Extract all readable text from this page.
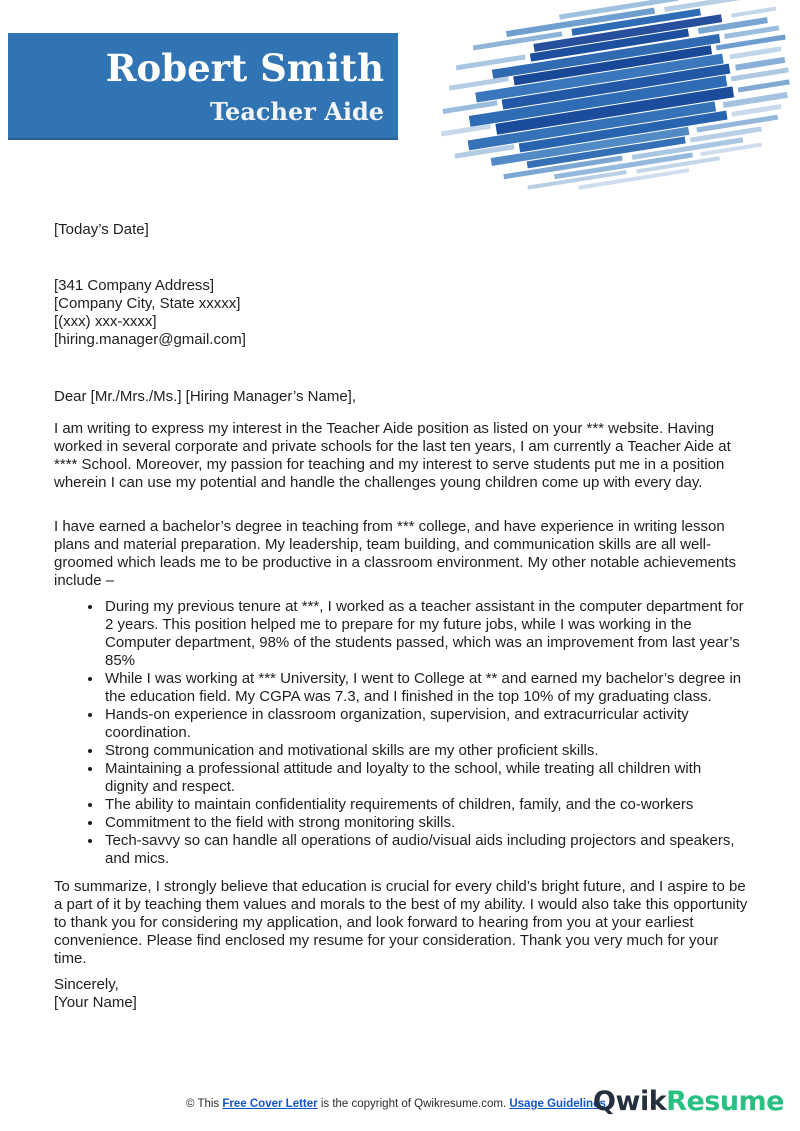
Robert Smith
Teacher Aide
[Today’s Date]
[341 Company Address]
[Company City, State xxxxx]
[(xxx) xxx-xxxx]
[hiring.manager@gmail.com]
Dear [Mr./Mrs./Ms.] [Hiring Manager’s Name],
I am writing to express my interest in the Teacher Aide position as listed on your *** website. Having worked in several corporate and private schools for the last ten years, I am currently a Teacher Aide at **** School. Moreover, my passion for teaching and my interest to serve students put me in a position wherein I can use my potential and handle the challenges young children come up with every day.
I have earned a bachelor’s degree in teaching from *** college, and have experience in writing lesson plans and material preparation. My leadership, team building, and communication skills are all well-groomed which leads me to be productive in a classroom environment. My other notable achievements include –
• During my previous tenure at ***, I worked as a teacher assistant in the computer department for 2 years. This position helped me to prepare for my future jobs, while I was working in the Computer department, 98% of the students passed, which was an improvement from last year’s 85%
• While I was working at *** University, I went to College at ** and earned my bachelor’s degree in the education field. My CGPA was 7.3, and I finished in the top 10% of my graduating class.
• Hands-on experience in classroom organization, supervision, and extracurricular activity coordination.
• Strong communication and motivational skills are my other proficient skills.
• Maintaining a professional attitude and loyalty to the school, while treating all children with dignity and respect.
• The ability to maintain confidentiality requirements of children, family, and the co-workers
• Commitment to the field with strong monitoring skills.
• Tech-savvy so can handle all operations of audio/visual aids including projectors and speakers, and mics.
To summarize, I strongly believe that education is crucial for every child’s bright future, and I aspire to be a part of it by teaching them values and morals to the best of my ability. I would also take this opportunity to thank you for considering my application, and look forward to hearing from you at your earliest convenience. Please find enclosed my resume for your consideration. Thank you very much for your time.
Sincerely,
[Your Name]
© This Free Cover Letter is the copyright of Qwikresume.com. Usage Guidelines
QwikResume
